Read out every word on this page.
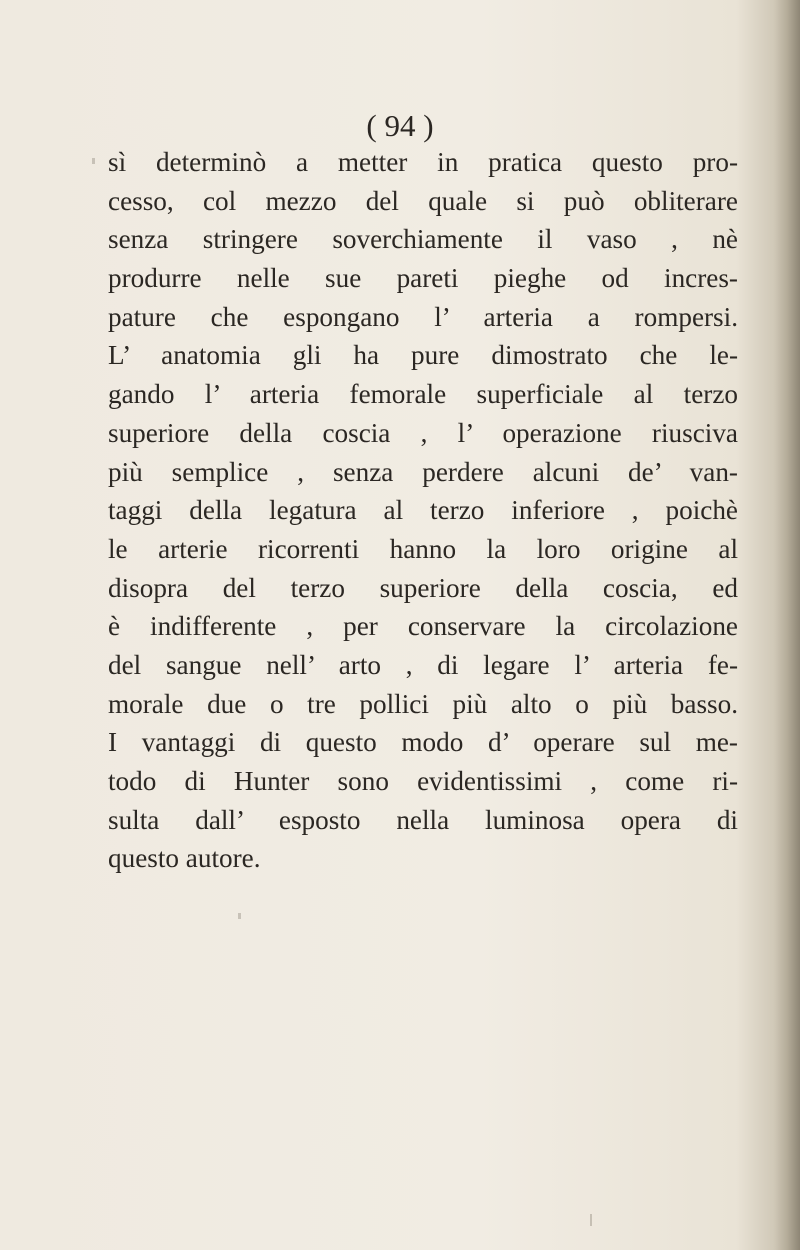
( 94 )
sì determinò a metter in pratica questo pro-
cesso, col mezzo del quale si può obliterare
senza stringere soverchiamente il vaso , nè
produrre nelle sue pareti pieghe od incres-
pature che espongano l’ arteria a rompersi.
L’ anatomia gli ha pure dimostrato che le-
gando l’ arteria femorale superficiale al terzo
superiore della coscia , l’ operazione riusciva
più semplice , senza perdere alcuni de’ van-
taggi della legatura al terzo inferiore , poichè
le arterie ricorrenti hanno la loro origine al
disopra del terzo superiore della coscia, ed
è indifferente , per conservare la circolazione
del sangue nell’ arto , di legare l’ arteria fe-
morale due o tre pollici più alto o più basso.
I vantaggi di questo modo d’ operare sul me-
todo di Hunter sono evidentissimi , come ri-
sulta dall’ esposto nella luminosa opera di
questo autore.
